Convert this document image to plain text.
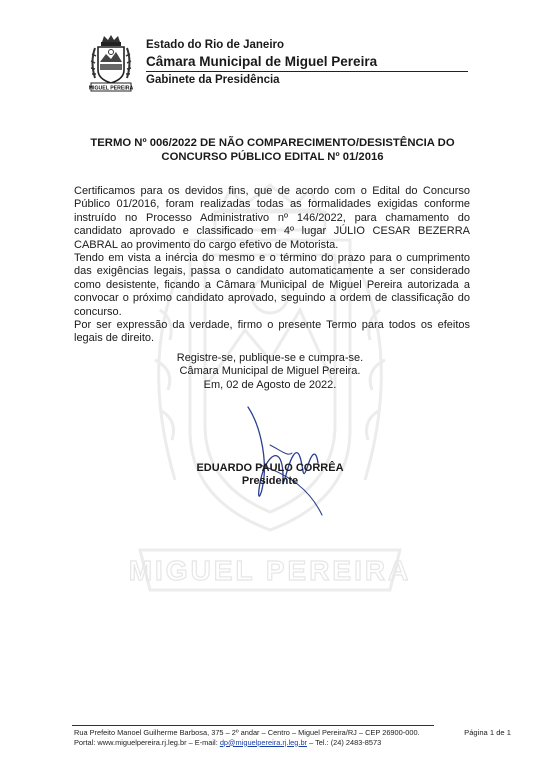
MIGUEL PEREIRA
MIGUEL PEREIRA

Estado do Rio de Janeiro

Câmara Municipal de Miguel Pereira

Gabinete da Presidência

TERMO Nº 006/2022 DE NÃO COMPARECIMENTO/DESISTÊNCIA DO
CONCURSO PÚBLICO EDITAL Nº 01/2016

Certificamos para os devidos fins, que de acordo com o Edital do Concurso Público 01/2016, foram realizadas todas as formalidades exigidas conforme instruído no Processo Administrativo nº 146/2022, para chamamento do candidato aprovado e classificado em 4º lugar JÚLIO CESAR BEZERRA CABRAL ao provimento do cargo efetivo de Motorista.

Tendo em vista a inércia do mesmo e o término do prazo para o cumprimento das exigências legais, passa o candidato automaticamente a ser considerado como desistente, ficando a Câmara Municipal de Miguel Pereira autorizada a convocar o próximo candidato aprovado, seguindo a ordem de classificação do concurso.

Por ser expressão da verdade, firmo o presente Termo para todos os efeitos legais de direito.

Registre-se, publique-se e cumpra-se.

Câmara Municipal de Miguel Pereira.

Em, 02 de Agosto de 2022.

EDUARDO PAULO CORRÊA

Presidente

Rua Prefeito Manoel Guilherme Barbosa, 375 – 2º andar – Centro – Miguel Pereira/RJ – CEP 26900-000.

Portal: www.miguelpereira.rj.leg.br – E-mail: dp@miguelpereira.rj.leg.br – Tel.: (24) 2483-8573

Página 1 de 1
